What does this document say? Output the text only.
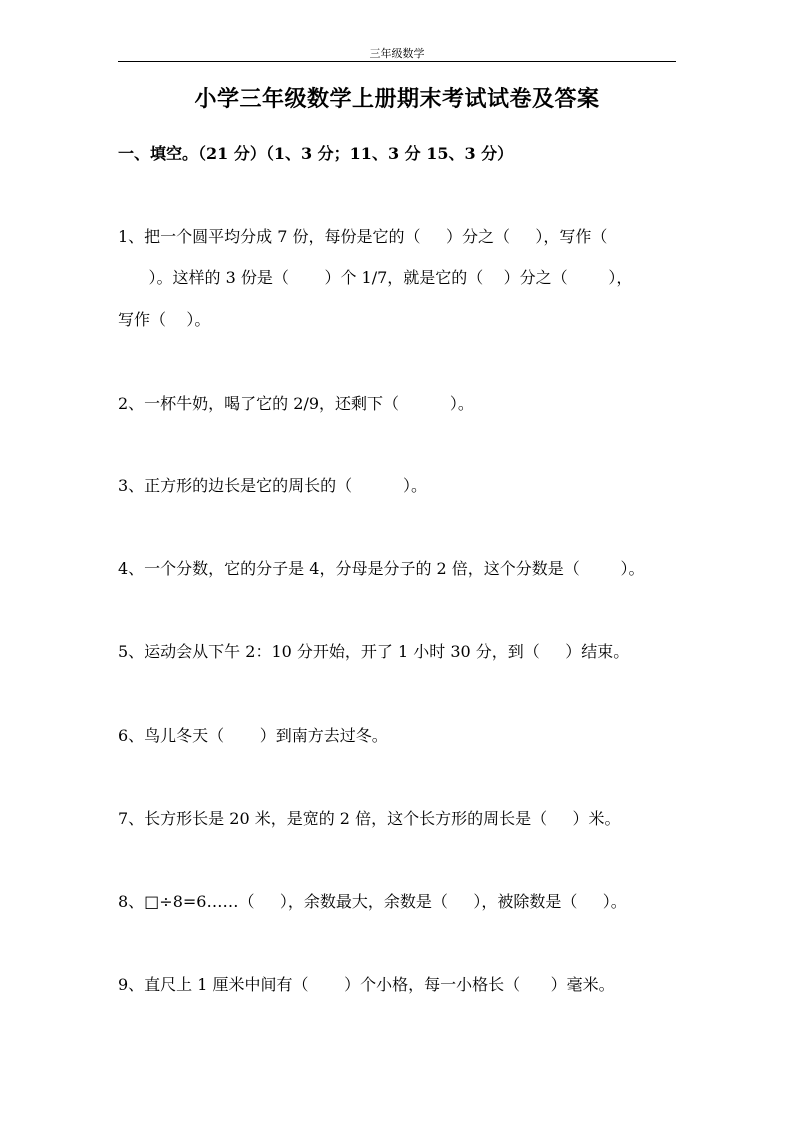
三年级数学
小学三年级数学上册期末考试试卷及答案
一、填空。（21 分）（1、3 分；11、3 分 15、3 分）
1、把一个圆平均分成 7 份，每份是它的（     ）分之（     ），写作（
）。这样的 3 份是（       ）个 1/7，就是它的（    ）分之（        ），
写作（    ）。
2、一杯牛奶，喝了它的 2/9，还剩下（          ）。
3、正方形的边长是它的周长的（          ）。
4、一个分数，它的分子是 4，分母是分子的 2 倍，这个分数是（        ）。
5、运动会从下午 2：10 分开始，开了 1 小时 30 分，到（     ）结束。
6、鸟儿冬天（       ）到南方去过冬。
7、长方形长是 20 米，是宽的 2 倍，这个长方形的周长是（     ）米。
8、□÷8=6……（     ），余数最大，余数是（     ），被除数是（     ）。
9、直尺上 1 厘米中间有（       ）个小格，每一小格长（      ）毫米。
